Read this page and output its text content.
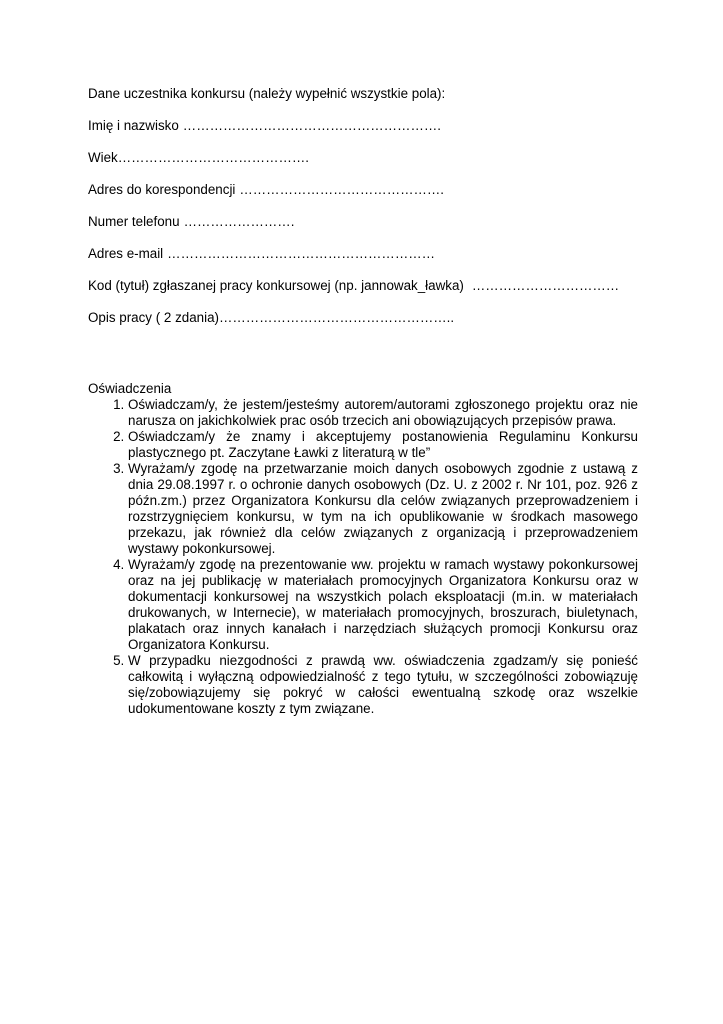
Dane uczestnika konkursu (należy wypełnić wszystkie pola):

Imię i nazwisko ………………………………………………….

Wiek…………………………………….

Adres do korespondencji ……………………………………….

Numer telefonu …………………….

Adres e-mail ……………………………………………………

Kod (tytuł) zgłaszanej pracy konkursowej (np. jannowak_ławka) ……………………………

Opis pracy ( 2 zdania)……………………………………………..

Oświadczenia

1. Oświadczam/y, że jestem/jesteśmy autorem/autorami zgłoszonego projektu oraz nie narusza on jakichkolwiek prac osób trzecich ani obowiązujących przepisów prawa.
2. Oświadczam/y że znamy i akceptujemy postanowienia Regulaminu Konkursu plastycznego pt. Zaczytane Ławki z literaturą w tle”
3. Wyrażam/y zgodę na przetwarzanie moich danych osobowych zgodnie z ustawą z dnia 29.08.1997 r. o ochronie danych osobowych (Dz. U. z 2002 r. Nr 101, poz. 926 z późn.zm.) przez Organizatora Konkursu dla celów związanych przeprowadzeniem i rozstrzygnięciem konkursu, w tym na ich opublikowanie w środkach masowego przekazu, jak również dla celów związanych z organizacją i przeprowadzeniem wystawy pokonkursowej.
4. Wyrażam/y zgodę na prezentowanie ww. projektu w ramach wystawy pokonkursowej oraz na jej publikację w materiałach promocyjnych Organizatora Konkursu oraz w dokumentacji konkursowej na wszystkich polach eksploatacji (m.in. w materiałach drukowanych, w Internecie), w materiałach promocyjnych, broszurach, biuletynach, plakatach oraz innych kanałach i narzędziach służących promocji Konkursu oraz Organizatora Konkursu.
5. W przypadku niezgodności z prawdą ww. oświadczenia zgadzam/y się ponieść całkowitą i wyłączną odpowiedzialność z tego tytułu, w szczególności zobowiązuję się/zobowiązujemy się pokryć w całości ewentualną szkodę oraz wszelkie udokumentowane koszty z tym związane.
